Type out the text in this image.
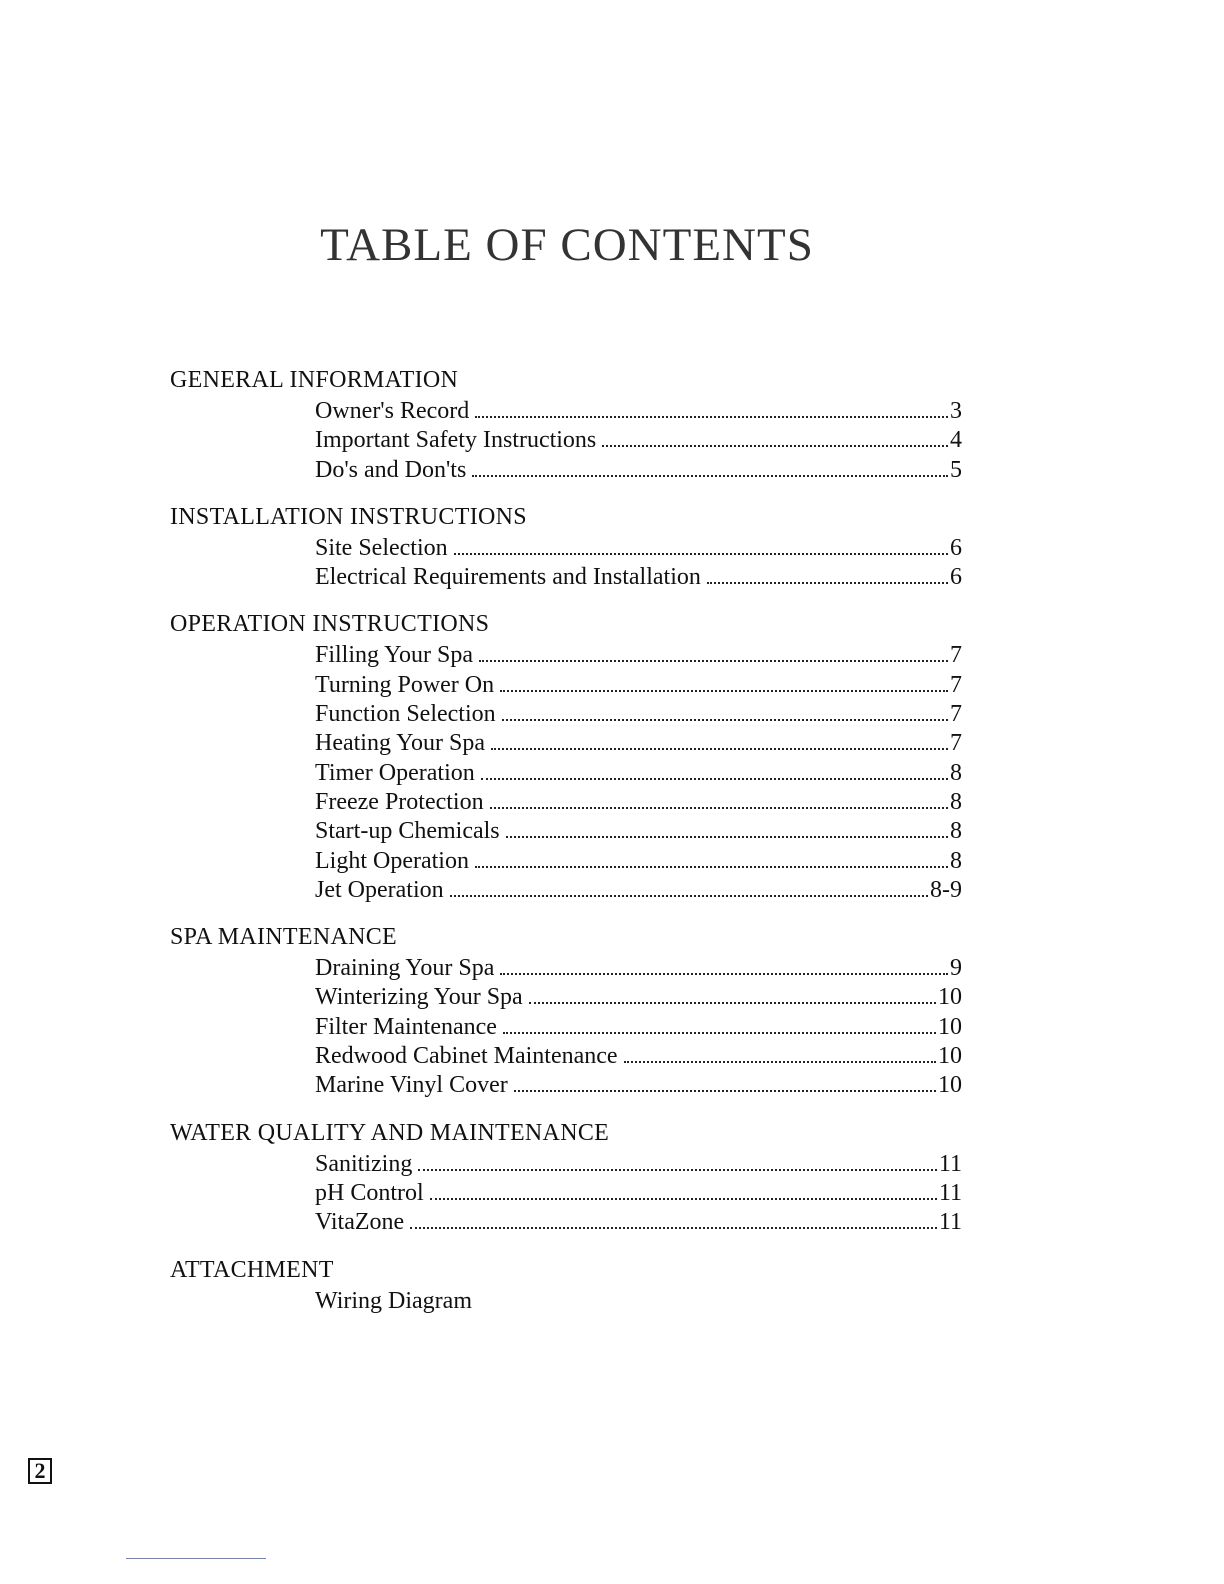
TABLE OF CONTENTS
GENERAL INFORMATION
Owner's Record	3
Important Safety Instructions	4
Do's and Don'ts	5
INSTALLATION INSTRUCTIONS
Site Selection	6
Electrical Requirements and Installation	6
OPERATION INSTRUCTIONS
Filling Your Spa	7
Turning Power On	7
Function Selection	7
Heating Your Spa	7
Timer Operation	8
Freeze Protection	8
Start-up Chemicals	8
Light Operation	8
Jet Operation	8-9
SPA MAINTENANCE
Draining Your Spa	9
Winterizing Your Spa	10
Filter Maintenance	10
Redwood Cabinet Maintenance	10
Marine Vinyl Cover	10
WATER QUALITY AND MAINTENANCE
Sanitizing	11
pH Control	11
VitaZone	11
ATTACHMENT
Wiring Diagram
2
